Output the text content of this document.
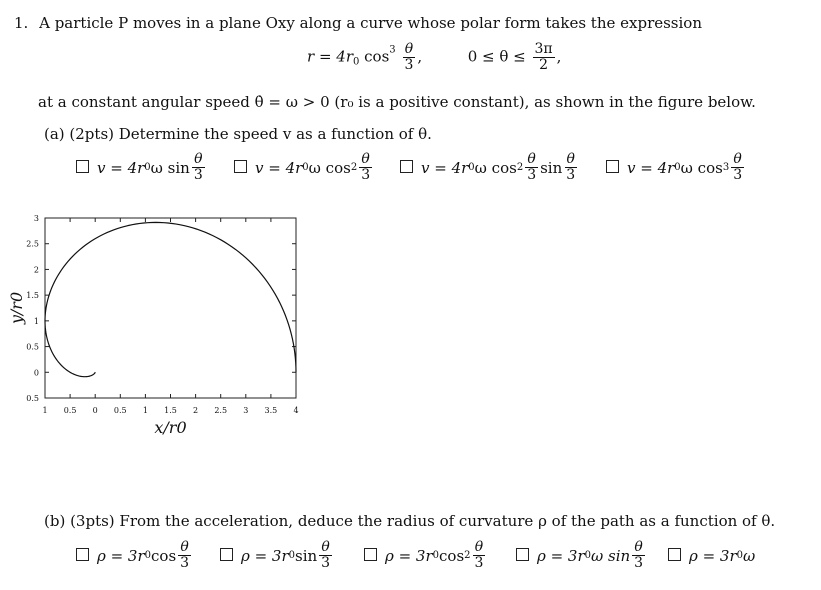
1. A particle P moves in a plane Oxy along a curve whose polar form takes the expression
$r = 4r_0$ $\cos^3 \frac{\theta}{3}$ ,	$0 \le \theta \le \frac{3\pi}{2}$ ,
at a constant angular speed θ̇ = ω > 0 (r₀ is a positive constant), as shown in the figure below.
(a) (2pts) Determine the speed v as a function of θ.
v = 4r 0 ω $\sin \frac{\theta}{3}$	v = 4r 0 ω $\cos 2 \frac{\theta}{3}$	v = 4r 0 ω $\cos 2 \frac{\theta}{3}$ $\sin \frac{\theta}{3}$	v = 4r 0 ω $\cos 3 \frac{\theta}{3}$
1 0.5 0 0.5 1 1.5 2 2.5 3 3.5 4
3
2.5
2
1.5
1
0.5
0
0.5
x/r0
y/r0
(b) (3pts) From the acceleration, deduce the radius of curvature ρ of the path as a function of θ.
ρ = 3r 0 $\cos \frac{\theta}{3}$	ρ = 3r 0 $\sin \frac{\theta}{3}$	ρ = 3r 0 $\cos 2 \frac{\theta}{3}$	ρ = 3r 0 ω $\sin \frac{\theta}{3}$	ρ = 3r 0 ω
